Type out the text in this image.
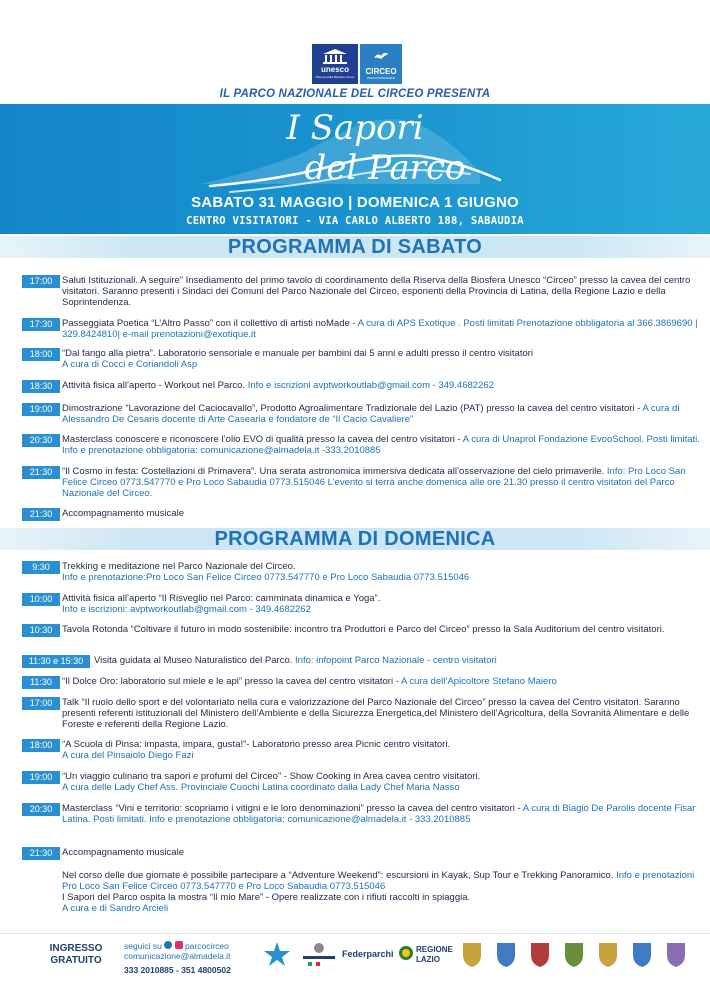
unesco
Riserva della Biosfera Circeo
CIRCEO
PARCO NAZIONALE
IL PARCO NAZIONALE DEL CIRCEO PRESENTA
I Sapori
del Parco
SABATO 31 MAGGIO | DOMENICA 1 GIUGNO
CENTRO VISITATORI - VIA CARLO ALBERTO 188, SABAUDIA
PROGRAMMA DI SABATO
17:00	Saluti Istituzionali. A seguire” Insediamento del primo tavolo di coordinamento della Riserva della Biosfera Unesco “Circeo” presso la cavea del centro visitatori. Saranno presenti i Sindaci dei Comuni del Parco Nazionale del Circeo, esponenti della Provincia di Latina, della Regione Lazio e della Soprintendenza.
17:30	Passeggiata Poetica “L’Altro Passo” con il collettivo di artisti noMade - A cura di APS Exotique . Posti limitati Prenotazione obbligatoria al 366.3869690 | 329.8424810| e-mail prenotazioni@exotique.it
18:00	“Dal fango alla pietra”. Laboratorio sensoriale e manuale per bambini dai 5 anni e adulti presso il centro visitatori
A cura di Cocci e Coriandoli Asp
18:30	Attività fisica all’aperto - Workout nel Parco. Info e iscrizioni avptworkoutlab@gmail.com - 349.4682262
19:00	Dimostrazione “Lavorazione del Caciocavallo”, Prodotto Agroalimentare Tradizionale del Lazio (PAT) presso la cavea del centro visitatori - A cura di Alessandro De Cesaris docente di Arte Casearia e fondatore de “Il Cacio Cavaliere”
20:30	Masterclass conoscere e riconoscere l’olio EVO di qualità presso la cavea del centro visitatori - A cura di Unaprol Fondazione EvooSchool. Posti limitati. Info e prenotazione obbligatoria: comunicazione@almadela.it -333.2010885
21:30	“Il Cosmo in festa: Costellazioni di Primavera”. Una serata astronomica immersiva dedicata all’osservazione del cielo primaverile. Info: Pro Loco San Felice Circeo 0773.547770 e Pro Loco Sabaudia 0773.515046 L’evento si terrà anche domenica alle ore 21.30 presso il centro visitatori del Parco Nazionale del Circeo.
21:30	Accompagnamento musicale
PROGRAMMA DI DOMENICA
9:30	Trekking e meditazione nel Parco Nazionale del Circeo.
Info e prenotazione:Pro Loco San Felice Circeo 0773.547770 e Pro Loco Sabaudia 0773.515046
10:00	Attività fisica all’aperto “Il Risveglio nel Parco: camminata dinamica e Yoga”.
Info e iscrizioni: avptworkoutlab@gmail.com - 349.4682262
10:30	Tavola Rotonda “Coltivare il futuro in modo sostenibile: incontro tra Produttori e Parco del Circeo” presso la Sala Auditorium del centro visitatori.
11:30 e 15:30	Visita guidata al Museo Naturalistico del Parco. Info: infopoint Parco Nazionale - centro visitatori
11:30	“Il Dolce Oro: laboratorio sul miele e le api” presso la cavea del centro visitatori - A cura dell’Apicoltore Stefano Maiero
17:00	Talk “Il ruolo dello sport e del volontariato nella cura e valorizzazione del Parco Nazionale del Circeo” presso la cavea del Centro visitatori. Saranno presenti referenti istituzionali del Ministero dell’Ambiente e della Sicurezza Energetica,del Ministero dell’Agricoltura, della Sovranità Alimentare e delle Foreste e referenti della Regione Lazio.
18:00	“A Scuola di Pinsa: impasta, impara, gusta!”- Laboratorio presso area Picnic centro visitatori.
A cura del Pinsaiolo Diego Fazi
19:00	“Un viaggio culinario tra sapori e profumi del Circeo” - Show Cooking in Area cavea centro visitatori.
A cura delle Lady Chef Ass. Provinciale Cuochi Latina coordinato dalla Lady Chef Maria Nasso
20:30	Masterclass “Vini e territorio: scopriamo i vitigni e le loro denominazioni” presso la cavea del centro visitatori - A cura di Biagio De Parolis docente Fisar Latina. Posti limitati. Info e prenotazione obbligatoria: comunicazione@almadela.it - 333.2010885
21:30	Accompagnamento musicale
Nel corso delle due giornate è possibile partecipare a “Adventure Weekend”: escursioni in Kayak, Sup Tour e Trekking Panoramico. Info e prenotazioni Pro Loco San Felice Circeo 0773.547770 e Pro Loco Sabaudia 0773.515046
I Sapori del Parco ospita la mostra “Il mio Mare” - Opere realizzate con i rifiuti raccolti in spiaggia.
A cura e di Sandro Arcieli
INGRESSO GRATUITO
seguici su	parcocirceo
comunicazione@almadela.it
333 2010885 - 351 4800502
Federparchi	REGIONE LAZIO
